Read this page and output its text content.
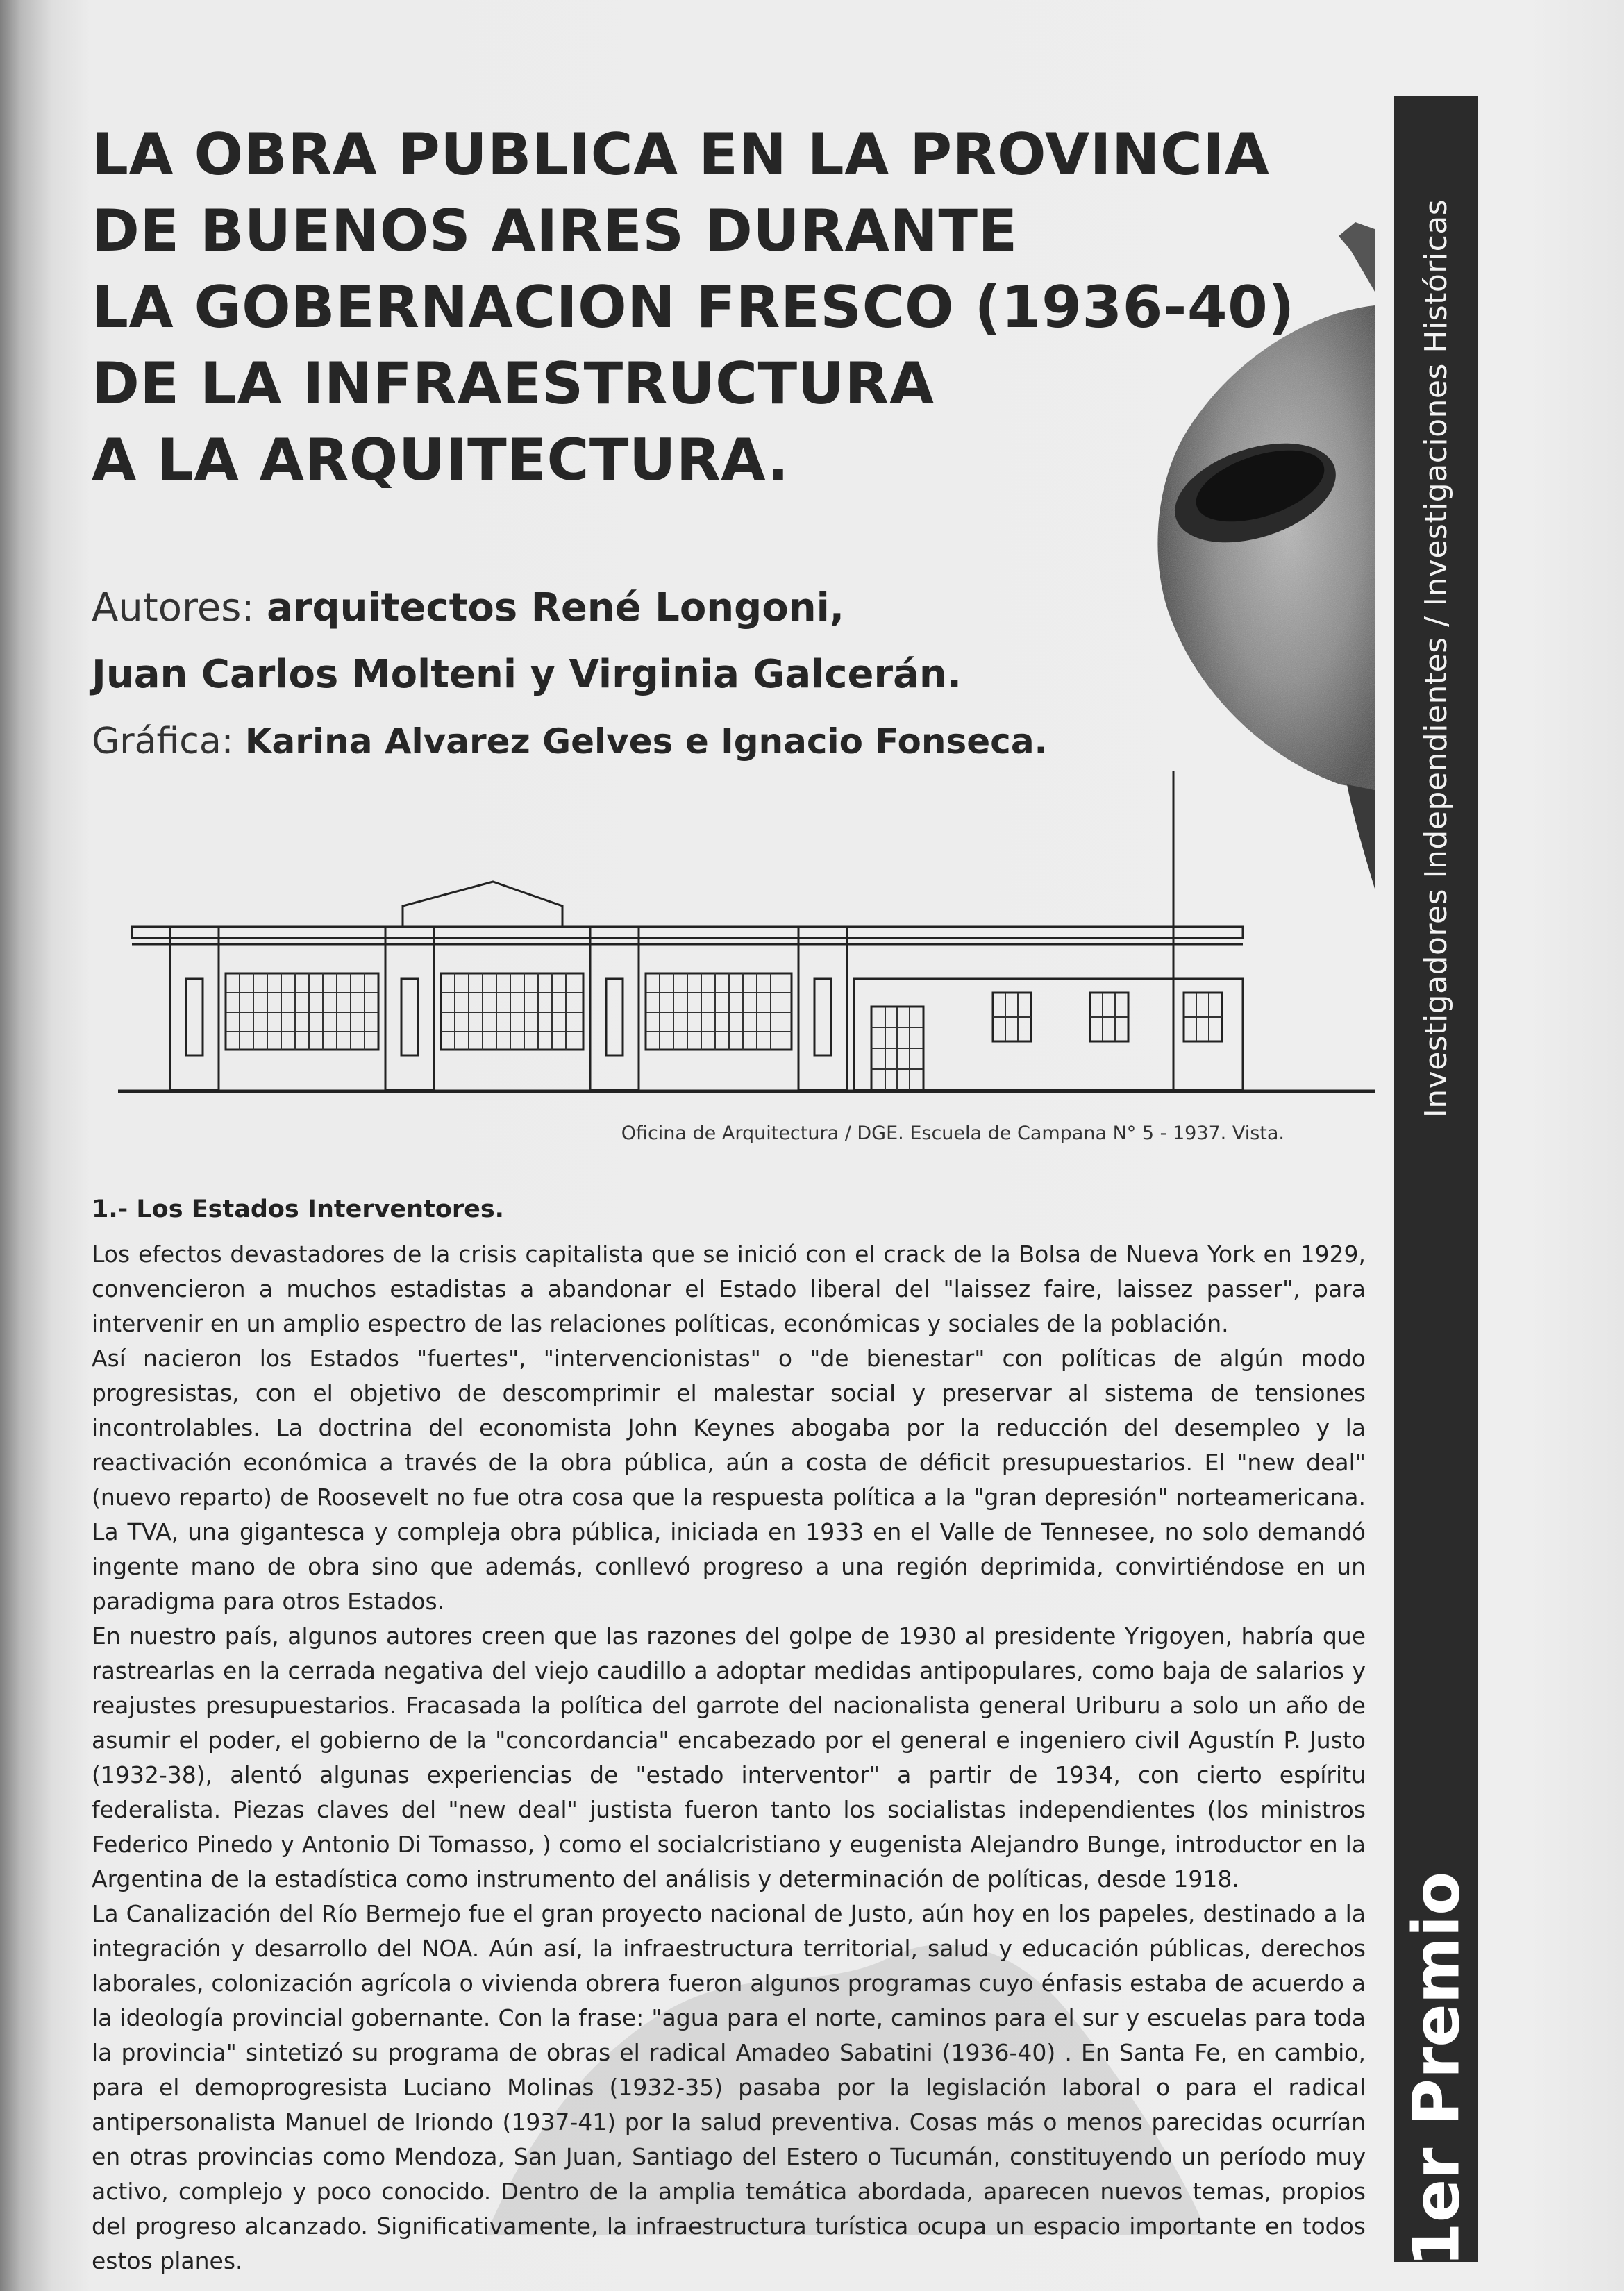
LA OBRA PUBLICA EN LA PROVINCIA
DE BUENOS AIRES DURANTE
LA GOBERNACION FRESCO (1936-40)
DE LA INFRAESTRUCTURA
A LA ARQUITECTURA.
Autores: arquitectos René Longoni,
Juan Carlos Molteni y Virginia Galcerán.
Gráfica: Karina Alvarez Gelves e Ignacio Fonseca.
Oficina de Arquitectura / DGE. Escuela de Campana N° 5 - 1937. Vista.
Investigadores Independientes / Investigaciones Históricas
1er Premio
1.- Los Estados Interventores.

Los efectos devastadores de la crisis capitalista que se inició con el crack de la Bolsa de Nueva York en 1929, convencieron a muchos estadistas a abandonar el Estado liberal del "laissez faire, laissez passer", para intervenir en un amplio espectro de las relaciones políticas, económicas y sociales de la población.

Así nacieron los Estados "fuertes", "intervencionistas" o "de bienestar" con políticas de algún modo progresistas, con el objetivo de descomprimir el malestar social y preservar al sistema de tensiones incontrolables. La doctrina del economista John Keynes abogaba por la reducción del desempleo y la reactivación económica a través de la obra pública, aún a costa de déficit presupuestarios. El "new deal" (nuevo reparto) de Roosevelt no fue otra cosa que la respuesta política a la "gran depresión" norteamericana. La TVA, una gigantesca y compleja obra pública, iniciada en 1933 en el Valle de Tennesee, no solo demandó ingente mano de obra sino que además, conllevó progreso a una región deprimida, convirtiéndose en un paradigma para otros Estados.

En nuestro país, algunos autores creen que las razones del golpe de 1930 al presidente Yrigoyen, habría que rastrearlas en la cerrada negativa del viejo caudillo a adoptar medidas antipopulares, como baja de salarios y reajustes presupuestarios. Fracasada la política del garrote del nacionalista general Uriburu a solo un año de asumir el poder, el gobierno de la "concordancia" encabezado por el general e ingeniero civil Agustín P. Justo (1932-38), alentó algunas experiencias de "estado interventor" a partir de 1934, con cierto espíritu federalista. Piezas claves del "new deal" justista fueron tanto los socialistas independientes (los ministros Federico Pinedo y Antonio Di Tomasso, ) como el socialcristiano y eugenista Alejandro Bunge, introductor en la Argentina de la estadística como instrumento del análisis y determinación de políticas, desde 1918.

La Canalización del Río Bermejo fue el gran proyecto nacional de Justo, aún hoy en los papeles, destinado a la integración y desarrollo del NOA. Aún así, la infraestructura territorial, salud y educación públicas, derechos laborales, colonización agrícola o vivienda obrera fueron algunos programas cuyo énfasis estaba de acuerdo a la ideología provincial gobernante. Con la frase: "agua para el norte, caminos para el sur y escuelas para toda la provincia" sintetizó su programa de obras el radical Amadeo Sabatini (1936-40) . En Santa Fe, en cambio, para el demoprogresista Luciano Molinas (1932-35) pasaba por la legislación laboral o para el radical antipersonalista Manuel de Iriondo (1937-41) por la salud preventiva. Cosas más o menos parecidas ocurrían en otras provincias como Mendoza, San Juan, Santiago del Estero o Tucumán, constituyendo un período muy activo, complejo y poco conocido. Dentro de la amplia temática abordada, aparecen nuevos temas, propios del progreso alcanzado. Significativamente, la infraestructura turística ocupa un espacio importante en todos estos planes.
